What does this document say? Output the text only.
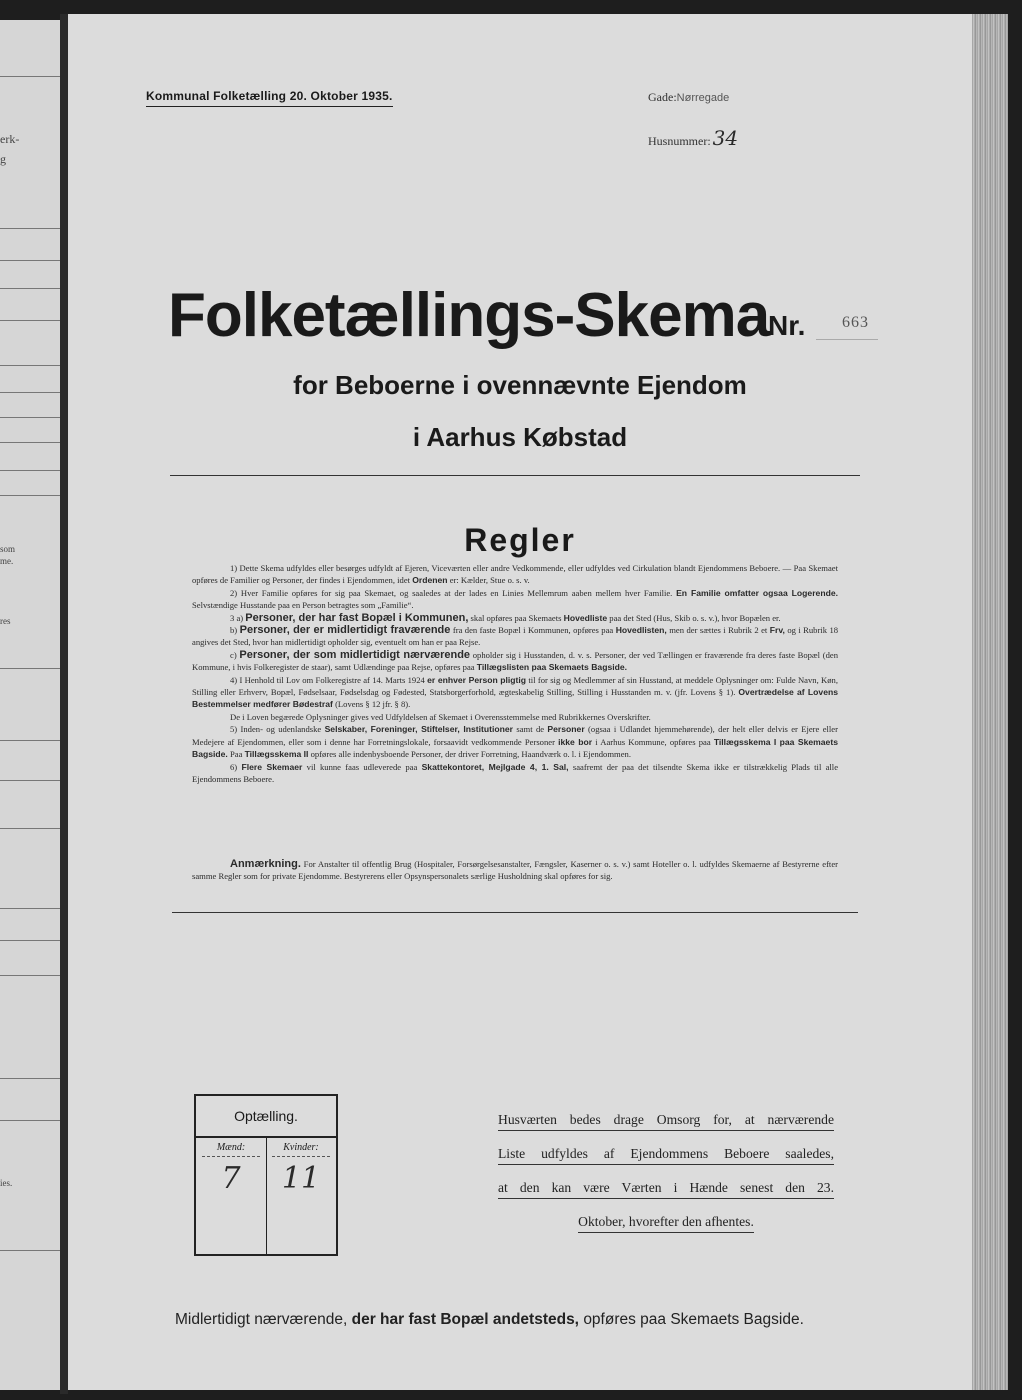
erk-
g
som
me.
res
ies.
Kommunal Folketælling 20. Oktober 1935.	Gade:Nørregade
Husnummer: 34
Folketællings-Skema
Nr. 663
for Beboerne i ovennævnte Ejendom
i Aarhus Købstad
Regler

1) Dette Skema udfyldes eller besørges udfyldt af Ejeren, Viceværten eller andre Vedkommende, eller udfyldes ved Cirkulation blandt Ejendommens Beboere. — Paa Skemaet opføres de Familier og Personer, der findes i Ejendommen, idet Ordenen er: Kælder, Stue o. s. v.

2) Hver Familie opføres for sig paa Skemaet, og saaledes at der lades en Linies Mellemrum aaben mellem hver Familie. En Familie omfatter ogsaa Logerende. Selvstændige Husstande paa en Person betragtes som „Familie“.

3 a) Personer, der har fast Bopæl i Kommunen, skal opføres paa Skemaets Hovedliste paa det Sted (Hus, Skib o. s. v.), hvor Bopælen er.

b) Personer, der er midlertidigt fraværende fra den faste Bopæl i Kommunen, opføres paa Hovedlisten, men der sættes i Rubrik 2 et Frv, og i Rubrik 18 angives det Sted, hvor han midlertidigt opholder sig, eventuelt om han er paa Rejse.

c) Personer, der som midlertidigt nærværende opholder sig i Husstanden, d. v. s. Personer, der ved Tællingen er fraværende fra deres faste Bopæl (den Kommune, i hvis Folkeregister de staar), samt Udlændinge paa Rejse, opføres paa Tillægslisten paa Skemaets Bagside.

4) I Henhold til Lov om Folkeregistre af 14. Marts 1924 er enhver Person pligtig til for sig og Medlemmer af sin Husstand, at meddele Oplysninger om: Fulde Navn, Køn, Stilling eller Erhverv, Bopæl, Fødselsaar, Fødselsdag og Fødested, Statsborgerforhold, ægteskabelig Stilling, Stilling i Husstanden m. v. (jfr. Lovens § 1). Overtrædelse af Lovens Bestemmelser medfører Bødestraf (Lovens § 12 jfr. § 8).

De i Loven begærede Oplysninger gives ved Udfyldelsen af Skemaet i Overensstemmelse med Rubrikkernes Overskrifter.

5) Inden- og udenlandske Selskaber, Foreninger, Stiftelser, Institutioner samt de Personer (ogsaa i Udlandet hjemmehørende), der helt eller delvis er Ejere eller Medejere af Ejendommen, eller som i denne har Forretningslokale, forsaavidt vedkommende Personer ikke bor i Aarhus Kommune, opføres paa Tillægsskema I paa Skemaets Bagside. Paa Tillægsskema II opføres alle indenbysboende Personer, der driver Forretning, Haandværk o. l. i Ejendommen.

6) Flere Skemaer vil kunne faas udleverede paa Skattekontoret, Mejlgade 4, 1. Sal, saafremt der paa det tilsendte Skema ikke er tilstrækkelig Plads til alle Ejendommens Beboere.

Anmærkning. For Anstalter til offentlig Brug (Hospitaler, Forsørgelsesanstalter, Fængsler, Kaserner o. s. v.) samt Hoteller o. l. udfyldes Skemaerne af Bestyrerne efter samme Regler som for private Ejendomme. Bestyrerens eller Opsynspersonalets særlige Husholdning skal opføres for sig.

Optælling.
Mænd:
7
Kvinder:
11
Husværten bedes drage Omsorg for, at nærværende
Liste udfyldes af Ejendommens Beboere saaledes,
at den kan være Værten i Hænde senest den 23.
Oktober, hvorefter den afhentes.
Midlertidigt nærværende, der har fast Bopæl andetsteds, opføres paa Skemaets Bagside.
